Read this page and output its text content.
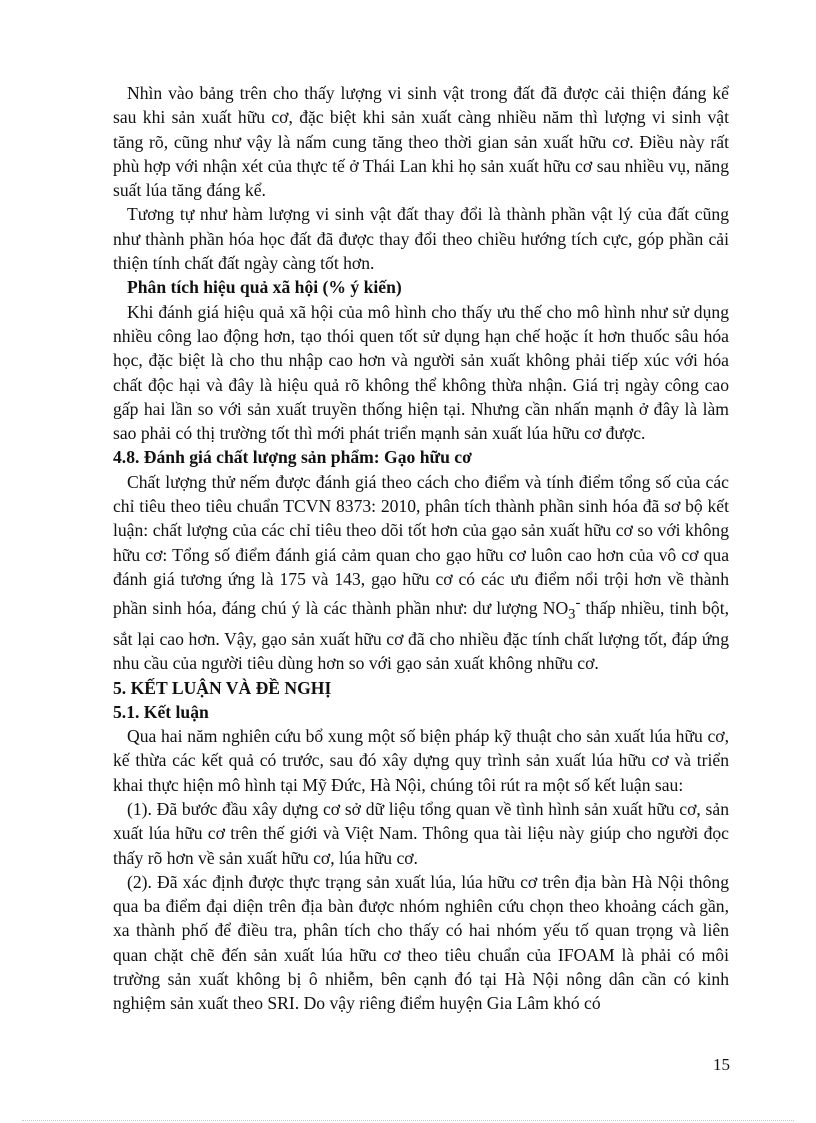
Nhìn vào bảng trên cho thấy lượng vi sinh vật trong đất đã được cải thiện đáng kể sau khi sản xuất hữu cơ, đặc biệt khi sản xuất càng nhiều năm thì lượng vi sinh vật tăng rõ, cũng như vậy là nấm cung tăng theo thời gian sản xuất hữu cơ. Điều này rất phù hợp với nhận xét của thực tế ở Thái Lan khi họ sản xuất hữu cơ sau nhiều vụ, năng suất lúa tăng đáng kể.

Tương tự như hàm lượng vi sinh vật đất thay đổi là thành phần vật lý của đất cũng như thành phần hóa học đất đã được thay đổi theo chiều hướng tích cực, góp phần cải thiện tính chất đất ngày càng tốt hơn.

Phân tích hiệu quả xã hội (% ý kiến)

Khi đánh giá hiệu quả xã hội của mô hình cho thấy ưu thế cho mô hình như sử dụng nhiều công lao động hơn, tạo thói quen tốt sử dụng hạn chế hoặc ít hơn thuốc sâu hóa học, đặc biệt là cho thu nhập cao hơn và người sản xuất không phải tiếp xúc với hóa chất độc hại và đây là hiệu quả rõ không thể không thừa nhận. Giá trị ngày công cao gấp hai lần so với sản xuất truyền thống hiện tại. Nhưng cần nhấn mạnh ở đây là làm sao phải có thị trường tốt thì mới phát triển mạnh sản xuất lúa hữu cơ được.

4.8. Đánh giá chất lượng sản phẩm: Gạo hữu cơ

Chất lượng thử nếm được đánh giá theo cách cho điểm và tính điểm tổng số của các chỉ tiêu theo tiêu chuẩn TCVN 8373: 2010, phân tích thành phần sinh hóa đã sơ bộ kết luận: chất lượng của các chỉ tiêu theo dõi tốt hơn của gạo sản xuất hữu cơ so với không hữu cơ: Tổng số điểm đánh giá cảm quan cho gạo hữu cơ luôn cao hơn của vô cơ qua đánh giá tương ứng là 175 và 143, gạo hữu cơ có các ưu điểm nổi trội hơn về thành phần sinh hóa, đáng chú ý là các thành phần như: dư lượng $NO_3^-$ thấp nhiều, tinh bột, sắt lại cao hơn. Vậy, gạo sản xuất hữu cơ đã cho nhiều đặc tính chất lượng tốt, đáp ứng nhu cầu của người tiêu dùng hơn so với gạo sản xuất không nhữu cơ.

5. KẾT LUẬN VÀ ĐỀ NGHỊ

5.1. Kết luận

Qua hai năm nghiên cứu bổ xung một số biện pháp kỹ thuật cho sản xuất lúa hữu cơ, kế thừa các kết quả có trước, sau đó xây dựng quy trình sản xuất lúa hữu cơ và triển khai thực hiện mô hình tại Mỹ Đức, Hà Nội, chúng tôi rút ra một số kết luận sau:

(1). Đã bước đầu xây dựng cơ sở dữ liệu tổng quan về tình hình sản xuất hữu cơ, sản xuất lúa hữu cơ trên thế giới và Việt Nam. Thông qua tài liệu này giúp cho người đọc thấy rõ hơn về sản xuất hữu cơ, lúa hữu cơ.

(2). Đã xác định được thực trạng sản xuất lúa, lúa hữu cơ trên địa bàn Hà Nội thông qua ba điểm đại diện trên địa bàn được nhóm nghiên cứu chọn theo khoảng cách gần, xa thành phố để điều tra, phân tích cho thấy có hai nhóm yếu tố quan trọng và liên quan chặt chẽ đến sản xuất lúa hữu cơ theo tiêu chuẩn của IFOAM là phải có môi trường sản xuất không bị ô nhiễm, bên cạnh đó tại Hà Nội nông dân cần có kinh nghiệm sản xuất theo SRI. Do vậy riêng điểm huyện Gia Lâm khó có

15
